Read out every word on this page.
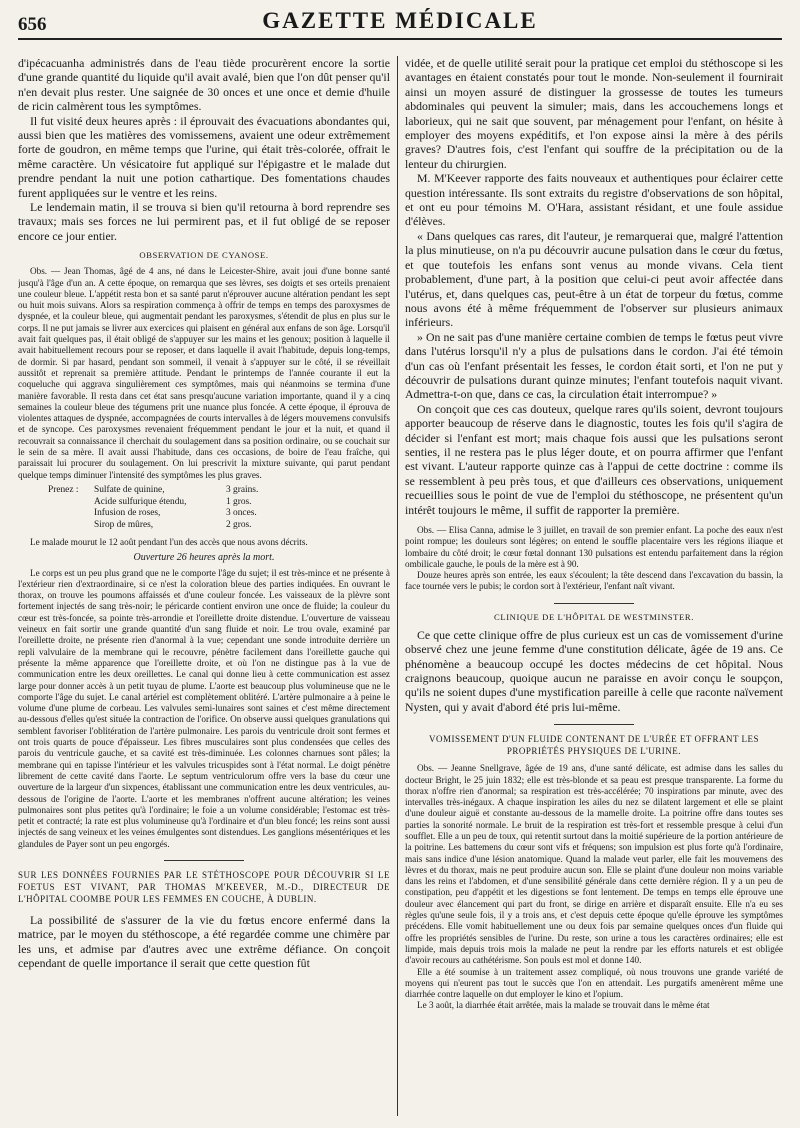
656	GAZETTE MÉDICALE

d'ipécacuanha administrés dans de l'eau tiède procurèrent encore la sortie d'une grande quantité du liquide qu'il avait avalé, bien que l'on dût penser qu'il n'en devait plus rester. Une saignée de 30 onces et une once et demie d'huile de ricin calmèrent tous les symptômes.

Il fut visité deux heures après : il éprouvait des évacuations abondantes qui, aussi bien que les matières des vomissemens, avaient une odeur extrêmement forte de goudron, en même temps que l'urine, qui était très-colorée, offrait le même caractère. Un vésicatoire fut appliqué sur l'épigastre et le malade dut prendre pendant la nuit une potion cathartique. Des fomentations chaudes furent appliquées sur le ventre et les reins.

Le lendemain matin, il se trouva si bien qu'il retourna à bord reprendre ses travaux; mais ses forces ne lui permirent pas, et il fut obligé de se reposer encore ce jour entier.

OBSERVATION DE CYANOSE.

Obs. — Jean Thomas, âgé de 4 ans, né dans le Leicester-Shire, avait joui d'une bonne santé jusqu'à l'âge d'un an. A cette époque, on remarqua que ses lèvres, ses doigts et ses orteils prenaient une couleur bleue. L'appétit resta bon et sa santé parut n'éprouver aucune altération pendant les sept ou huit mois suivans. Alors sa respiration commença à offrir de temps en temps des paroxysmes de dyspnée, et la couleur bleue, qui augmentait pendant les paroxysmes, s'étendit de plus en plus sur le corps. Il ne put jamais se livrer aux exercices qui plaisent en général aux enfans de son âge. Lorsqu'il avait fait quelques pas, il était obligé de s'appuyer sur les mains et les genoux; position à laquelle il avait habituellement recours pour se reposer, et dans laquelle il avait l'habitude, depuis long-temps, de dormir. Si par hasard, pendant son sommeil, il venait à s'appuyer sur le côté, il se réveillait aussitôt et reprenait sa première attitude. Pendant le printemps de l'année courante il eut la coqueluche qui aggrava singulièrement ces symptômes, mais qui néanmoins se termina d'une manière favorable. Il resta dans cet état sans presqu'aucune variation importante, quand il y a cinq semaines la couleur bleue des tégumens prit une nuance plus foncée. A cette époque, il éprouva de violentes attaques de dyspnée, accompagnées de courts intervalles à de légers mouvemens convulsifs et de syncope. Ces paroxysmes revenaient fréquemment pendant le jour et la nuit, et quand il recouvrait sa connaissance il cherchait du soulagement dans sa position ordinaire, ou se couchait sur le sein de sa mère. Il avait aussi l'habitude, dans ces occasions, de boire de l'eau fraîche, qui paraissait lui procurer du soulagement. On lui prescrivit la mixture suivante, qui parut pendant quelque temps diminuer l'intensité des symptômes les plus graves.

Prenez :	Sulfate de quinine,	3 grains.
Acide sulfurique étendu,	1 gros.
Infusion de roses,	3 onces.
Sirop de mûres,	2 gros.

Le malade mourut le 12 août pendant l'un des accès que nous avons décrits.

Ouverture 26 heures après la mort.

Le corps est un peu plus grand que ne le comporte l'âge du sujet; il est très-mince et ne présente à l'extérieur rien d'extraordinaire, si ce n'est la coloration bleue des parties indiquées. En ouvrant le thorax, on trouve les poumons affaissés et d'une couleur foncée. Les vaisseaux de la plèvre sont fortement injectés de sang très-noir; le péricarde contient environ une once de fluide; la couleur du cœur est très-foncée, sa pointe très-arrondie et l'oreillette droite distendue. L'ouverture de vaisseau veineux en fait sortir une grande quantité d'un sang fluide et noir. Le trou ovale, examiné par l'oreillette droite, ne présente rien d'anormal à la vue; cependant une sonde introduite derrière un repli valvulaire de la membrane qui le recouvre, pénètre facilement dans l'oreillette gauche qui présente la même apparence que l'oreillette droite, et où l'on ne distingue pas à la vue de communication entre les deux oreillettes. Le canal qui donne lieu à cette communication est assez large pour donner accès à un petit tuyau de plume. L'aorte est beaucoup plus volumineuse que ne le comporte l'âge du sujet. Le canal artériel est complètement oblitéré. L'artère pulmonaire a à peine le volume d'une plume de corbeau. Les valvules semi-lunaires sont saines et c'est même directement au-dessous d'elles qu'est située la contraction de l'orifice. On observe aussi quelques granulations qui semblent favoriser l'oblitération de l'artère pulmonaire. Les parois du ventricule droit sont fermes et ont trois quarts de pouce d'épaisseur. Les fibres musculaires sont plus condensées que celles des parois du ventricule gauche, et sa cavité est très-diminuée. Les colonnes charnues sont pâles; la membrane qui en tapisse l'intérieur et les valvules tricuspides sont à l'état normal. Le doigt pénètre librement de cette cavité dans l'aorte. Le septum ventriculorum offre vers la base du cœur une ouverture de la largeur d'un sixpences, établissant une communication entre les deux ventricules, au-dessous de l'origine de l'aorte. L'aorte et les membranes n'offrent aucune altération; les veines pulmonaires sont plus petites qu'à l'ordinaire; le foie a un volume considérable; l'estomac est très-petit et contracté; la rate est plus volumineuse qu'à l'ordinaire et d'un bleu foncé; les reins sont aussi injectés de sang veineux et les veines émulgentes sont distendues. Les ganglions mésentériques et les glandules de Payer sont un peu engorgés.

SUR LES DONNÉES FOURNIES PAR LE STÉTHOSCOPE POUR DÉCOUVRIR SI LE FOETUS EST VIVANT, PAR THOMAS M'KEEVER, M.-D., DIRECTEUR DE L'HÔPITAL COOMBE POUR LES FEMMES EN COUCHE, À DUBLIN.

La possibilité de s'assurer de la vie du fœtus encore enfermé dans la matrice, par le moyen du stéthoscope, a été regardée comme une chimère par les uns, et admise par d'autres avec une extrême défiance. On conçoit cependant de quelle importance il serait que cette question fût

vidée, et de quelle utilité serait pour la pratique cet emploi du stéthoscope si les avantages en étaient constatés pour tout le monde. Non-seulement il fournirait ainsi un moyen assuré de distinguer la grossesse de toutes les tumeurs abdominales qui peuvent la simuler; mais, dans les accouchemens longs et laborieux, qui ne sait que souvent, par ménagement pour l'enfant, on hésite à employer des moyens expéditifs, et l'on expose ainsi la mère à des périls graves? D'autres fois, c'est l'enfant qui souffre de la précipitation ou de la lenteur du chirurgien.

M. M'Keever rapporte des faits nouveaux et authentiques pour éclairer cette question intéressante. Ils sont extraits du registre d'observations de son hôpital, et ont eu pour témoins M. O'Hara, assistant résidant, et une foule assidue d'élèves.

« Dans quelques cas rares, dit l'auteur, je remarquerai que, malgré l'attention la plus minutieuse, on n'a pu découvrir aucune pulsation dans le cœur du fœtus, et que toutefois les enfans sont venus au monde vivans. Cela tient probablement, d'une part, à la position que celui-ci peut avoir affectée dans l'utérus, et, dans quelques cas, peut-être à un état de torpeur du fœtus, comme nous avons été à même fréquemment de l'observer sur plusieurs animaux inférieurs.

» On ne sait pas d'une manière certaine combien de temps le fœtus peut vivre dans l'utérus lorsqu'il n'y a plus de pulsations dans le cordon. J'ai été témoin d'un cas où l'enfant présentait les fesses, le cordon était sorti, et l'on ne put y découvrir de pulsations durant quinze minutes; l'enfant toutefois naquit vivant. Admettra-t-on que, dans ce cas, la circulation était interrompue? »

On conçoit que ces cas douteux, quelque rares qu'ils soient, devront toujours apporter beaucoup de réserve dans le diagnostic, toutes les fois qu'il s'agira de décider si l'enfant est mort; mais chaque fois aussi que les pulsations seront senties, il ne restera pas le plus léger doute, et on pourra affirmer que l'enfant est vivant. L'auteur rapporte quinze cas à l'appui de cette doctrine : comme ils se ressemblent à peu près tous, et que d'ailleurs ces observations, uniquement recueillies sous le point de vue de l'emploi du stéthoscope, ne présentent qu'un intérêt toujours le même, il suffit de rapporter la première.

Obs. — Elisa Canna, admise le 3 juillet, en travail de son premier enfant. La poche des eaux n'est point rompue; les douleurs sont légères; on entend le souffle placentaire vers les régions iliaque et lombaire du côté droit; le cœur fœtal donnant 130 pulsations est entendu parfaitement dans la région ombilicale gauche, le pouls de la mère est à 90.

Douze heures après son entrée, les eaux s'écoulent; la tête descend dans l'excavation du bassin, la face tournée vers le pubis; le cordon sort à l'extérieur, l'enfant naît vivant.

CLINIQUE DE L'HÔPITAL DE WESTMINSTER.

Ce que cette clinique offre de plus curieux est un cas de vomissement d'urine observé chez une jeune femme d'une constitution délicate, âgée de 19 ans. Ce phénomène a beaucoup occupé les doctes médecins de cet hôpital. Nous craignons beaucoup, quoique aucun ne paraisse en avoir conçu le soupçon, qu'ils ne soient dupes d'une mystification pareille à celle que raconte naïvement Nysten, qui y avait d'abord été pris lui-même.

VOMISSEMENT D'UN FLUIDE CONTENANT DE L'URÉE ET OFFRANT LES PROPRIÉTÉS PHYSIQUES DE L'URINE.

Obs. — Jeanne Snellgrave, âgée de 19 ans, d'une santé délicate, est admise dans les salles du docteur Bright, le 25 juin 1832; elle est très-blonde et sa peau est presque transparente. La forme du thorax n'offre rien d'anormal; sa respiration est très-accélérée; 70 inspirations par minute, avec des intervalles très-inégaux. A chaque inspiration les ailes du nez se dilatent largement et elle se plaint d'une douleur aiguë et constante au-dessous de la mamelle droite. La poitrine offre dans toutes ses parties la sonorité normale. Le bruit de la respiration est très-fort et ressemble presque à celui d'un soufflet. Elle a un peu de toux, qui retentit surtout dans la moitié supérieure de la portion antérieure de la poitrine. Les battemens du cœur sont vifs et fréquens; son impulsion est plus forte qu'à l'ordinaire, mais sans indice d'une lésion anatomique. Quand la malade veut parler, elle fait les mouvemens des lèvres et du thorax, mais ne peut produire aucun son. Elle se plaint d'une douleur non moins variable dans les reins et l'abdomen, et d'une sensibilité générale dans cette dernière région. Il y a un peu de constipation, peu d'appétit et les digestions se font lentement. De temps en temps elle éprouve une douleur avec élancement qui part du front, se dirige en arrière et disparaît ensuite. Elle n'a eu ses règles qu'une seule fois, il y a trois ans, et c'est depuis cette époque qu'elle éprouve les symptômes précédens. Elle vomit habituellement une ou deux fois par semaine quelques onces d'un fluide qui offre les propriétés sensibles de l'urine. Du reste, son urine a tous les caractères ordinaires; elle est limpide, mais depuis trois mois la malade ne peut la rendre par les efforts naturels et est obligée d'avoir recours au cathétérisme. Son pouls est mol et donne 140.

Elle a été soumise à un traitement assez compliqué, où nous trouvons une grande variété de moyens qui n'eurent pas tout le succès que l'on en attendait. Les purgatifs amenèrent même une diarrhée contre laquelle on dut employer le kino et l'opium.

Le 3 août, la diarrhée était arrêtée, mais la malade se trouvait dans le même état
